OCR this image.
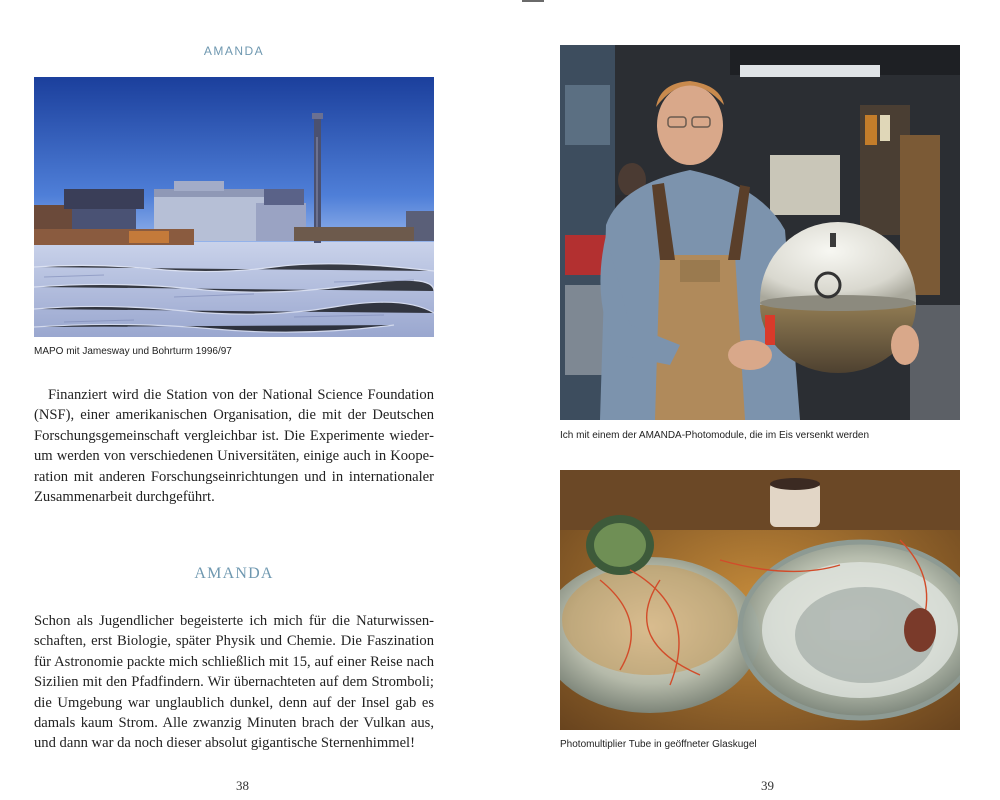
AMANDA
MAPO mit Jamesway und Bohrturm 1996/97

Finanziert wird die Station von der National Science Foundation (NSF), einer amerikanischen Organisation, die mit der Deutschen Forschungsgemeinschaft vergleichbar ist. Die Experimente wiederum werden von verschiedenen Universitäten, einige auch in Kooperation mit anderen Forschungseinrichtungen und in internationaler Zusammenarbeit durchgeführt.

AMANDA

Schon als Jugendlicher begeisterte ich mich für die Naturwissenschaften, erst Biologie, später Physik und Chemie. Die Faszination für Astronomie packte mich schließlich mit 15, auf einer Reise nach Sizilien mit den Pfadfindern. Wir übernachteten auf dem Stromboli; die Umgebung war unglaublich dunkel, denn auf der Insel gab es damals kaum Strom. Alle zwanzig Minuten brach der Vulkan aus, und dann war da noch dieser absolut gigantische Sternenhimmel!

38
Ich mit einem der AMANDA-Photomodule, die im Eis versenkt werden
Photomultiplier Tube in geöffneter Glaskugel
39
